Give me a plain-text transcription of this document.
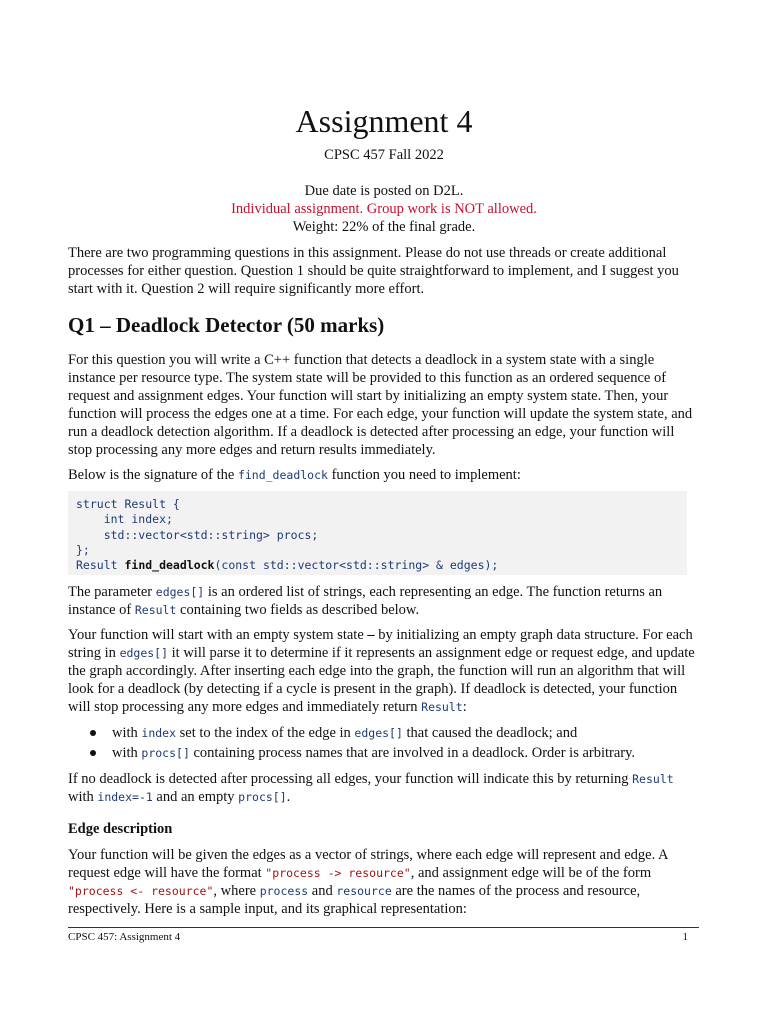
Assignment 4
CPSC 457 Fall 2022
Due date is posted on D2L.
Individual assignment. Group work is NOT allowed.
Weight: 22% of the final grade.
There are two programming questions in this assignment. Please do not use threads or create additional processes for either question. Question 1 should be quite straightforward to implement, and I suggest you start with it. Question 2 will require significantly more effort.
Q1 – Deadlock Detector (50 marks)
For this question you will write a C++ function that detects a deadlock in a system state with a single instance per resource type. The system state will be provided to this function as an ordered sequence of request and assignment edges. Your function will start by initializing an empty system state. Then, your function will process the edges one at a time. For each edge, your function will update the system state, and run a deadlock detection algorithm. If a deadlock is detected after processing an edge, your function will stop processing any more edges and return results immediately.
Below is the signature of the find_deadlock function you need to implement:
struct Result {
int index;
std::vector<std::string> procs;
};
Result find_deadlock(const std::vector<std::string> & edges);
The parameter edges[] is an ordered list of strings, each representing an edge. The function returns an instance of Result containing two fields as described below.
Your function will start with an empty system state – by initializing an empty graph data structure. For each string in edges[] it will parse it to determine if it represents an assignment edge or request edge, and update the graph accordingly. After inserting each edge into the graph, the function will run an algorithm that will look for a deadlock (by detecting if a cycle is present in the graph). If deadlock is detected, your function will stop processing any more edges and immediately return Result:
with index set to the index of the edge in edges[] that caused the deadlock; and
with procs[] containing process names that are involved in a deadlock. Order is arbitrary.
If no deadlock is detected after processing all edges, your function will indicate this by returning Result
with index=-1 and an empty procs[].
Edge description
Your function will be given the edges as a vector of strings, where each edge will represent and edge. A request edge will have the format "process -> resource", and assignment edge will be of the form "process <- resource", where process and resource are the names of the process and resource, respectively. Here is a sample input, and its graphical representation:
CPSC 457: Assignment 4	1
